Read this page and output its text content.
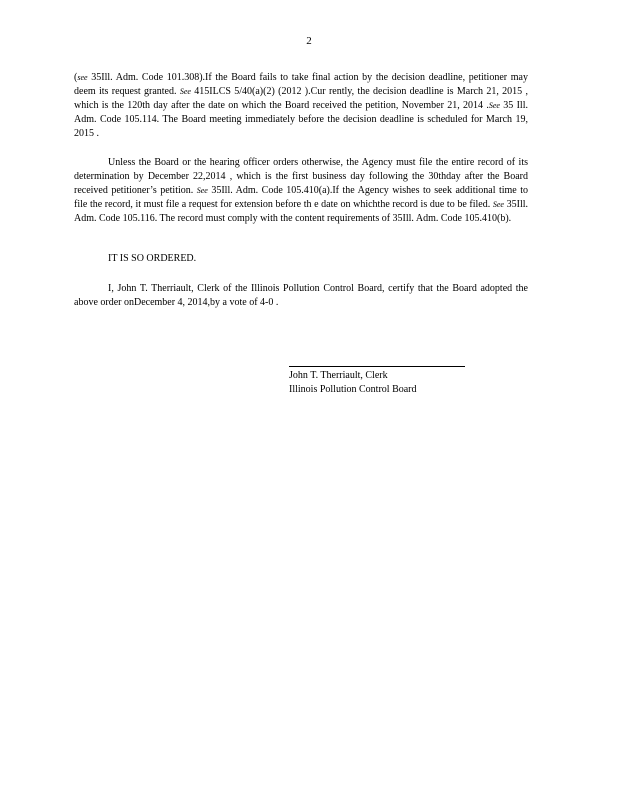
2

(see 35Ill. Adm. Code 101.308).If the Board fails to take final action by the decision deadline, petitioner may deem its request granted. See 415ILCS 5/40(a)(2) (2012 ).Cur rently, the decision deadline is March 21, 2015 , which is the 120th day after the date on which the Board received the petition, November 21, 2014 .See 35 Ill. Adm. Code 105.114. The Board meeting immediately before the decision deadline is scheduled for March 19, 2015 .

Unless the Board or the hearing officer orders otherwise, the Agency must file the entire record of its determination by December 22,2014 , which is the first business day following the 30thday after the Board received petitioner’s petition. See 35Ill. Adm. Code 105.410(a).If the Agency wishes to seek additional time to file the record, it must file a request for extension before th e date on whichthe record is due to be filed. See 35Ill. Adm. Code 105.116. The record must comply with the content requirements of 35Ill. Adm. Code 105.410(b).

IT IS SO ORDERED.

I, John T. Therriault, Clerk of the Illinois Pollution Control Board, certify that the Board adopted the above order onDecember 4, 2014,by a vote of 4-0 .

John T. Therriault, Clerk
Illinois Pollution Control Board
